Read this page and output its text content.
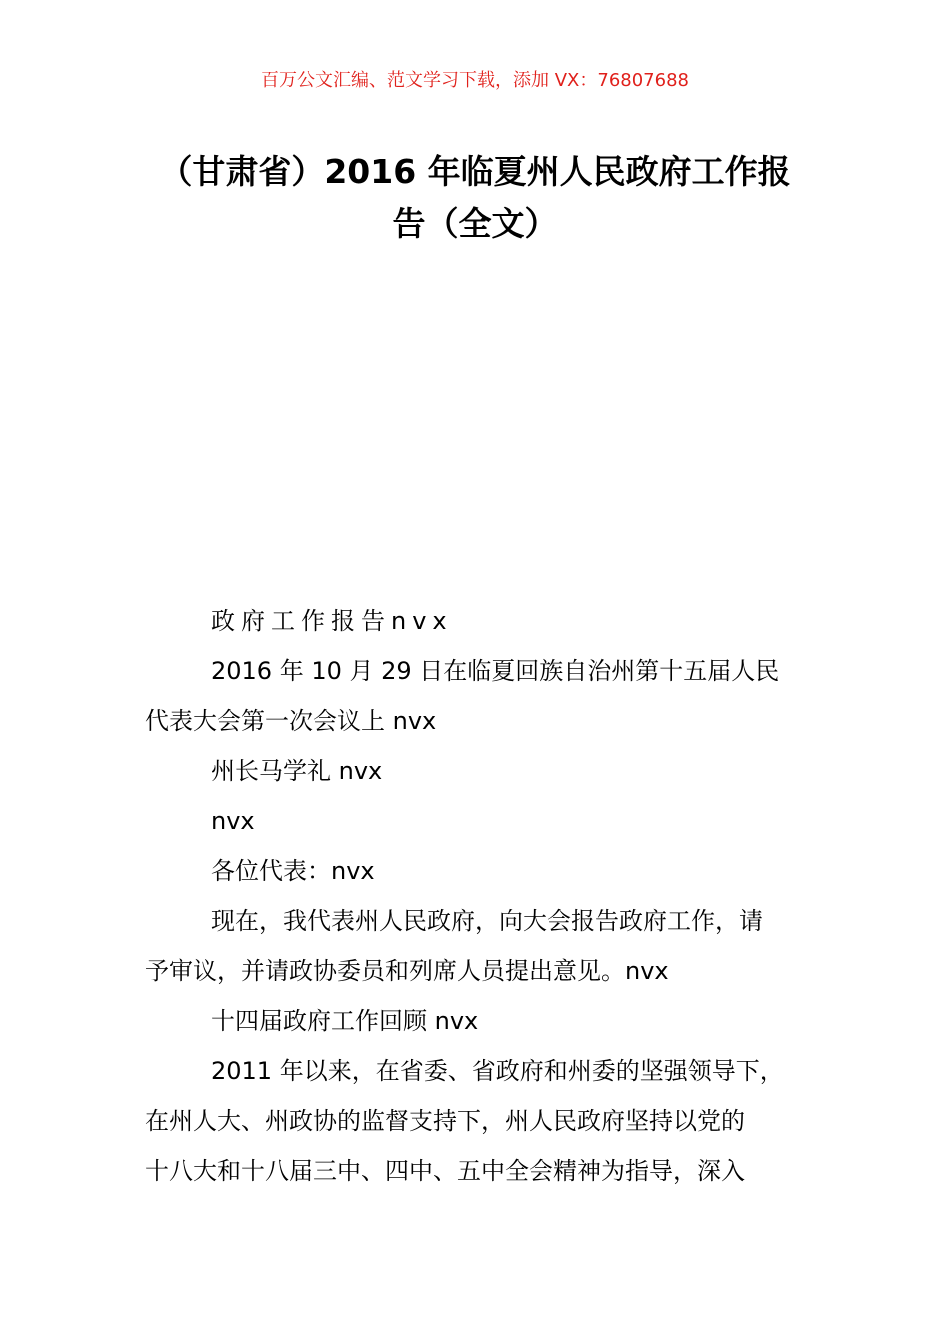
百万公文汇编、范文学习下载，添加 VX：76807688
（甘肃省）2016 年临夏州人民政府工作报
告（全文）

政府工作报告nvx

2016 年 10 月 29 日在临夏回族自治州第十五届人民

代表大会第一次会议上 nvx

州长马学礼 nvx

nvx

各位代表：nvx

现在，我代表州人民政府，向大会报告政府工作，请

予审议，并请政协委员和列席人员提出意见。nvx

十四届政府工作回顾 nvx

2011 年以来，在省委、省政府和州委的坚强领导下，

在州人大、州政协的监督支持下，州人民政府坚持以党的

十八大和十八届三中、四中、五中全会精神为指导，深入
